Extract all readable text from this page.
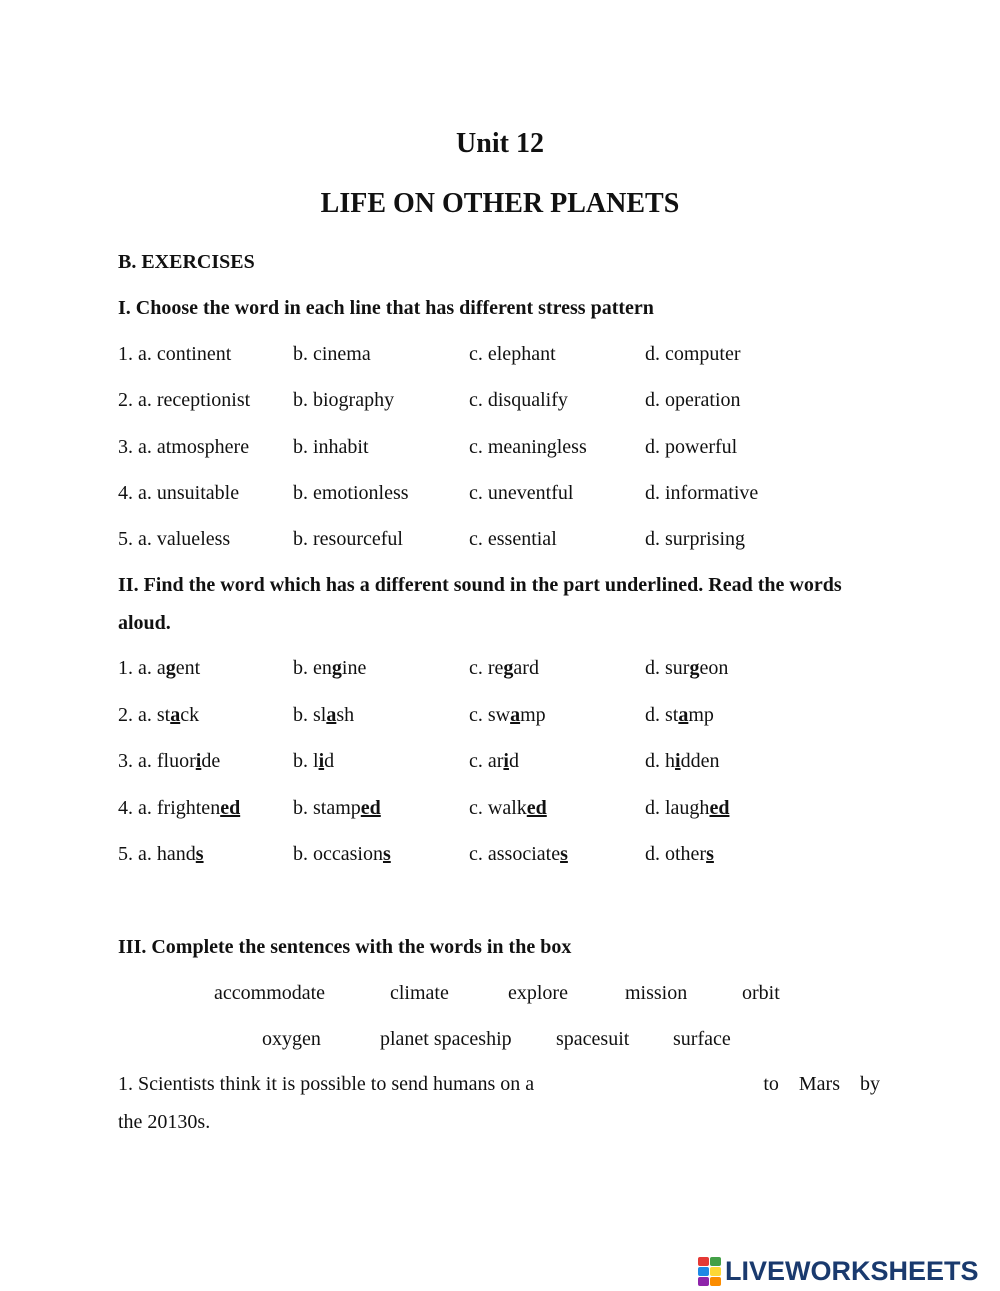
Unit 12
LIFE ON OTHER PLANETS
B. EXERCISES
I. Choose the word in each line that has different stress pattern
1. a. continent	b. cinema	c. elephant	d. computer
2. a. receptionist b. biography	c. disqualify	d. operation
3. a. atmosphere b. inhabit	c. meaningless	d. powerful
4. a. unsuitable	b. emotionless	c. uneventful	d. informative
5. a. valueless	b. resourceful	c. essential	d. surprising
II. Find the word which has a different sound in the part underlined. Read the words aloud.
1. a. agent	b. engine	c. regard	d. surgeon
2. a. stack	b. slash	c. swamp	d. stamp
3. a. fluoride	b. lid	c. arid	d. hidden
4. a. frightened	b. stamped	c. walked	d. laughed
5. a. hands	b. occasions	c. associates	d. others
III. Complete the sentences with the words in the box
accommodate	climate	explore	mission	orbit
oxygen	planet spaceship spacesuit surface
1. Scientists think it is possible to send humans on a	to    Mars    by
the 20130s.
LIVEWORKSHEETS
